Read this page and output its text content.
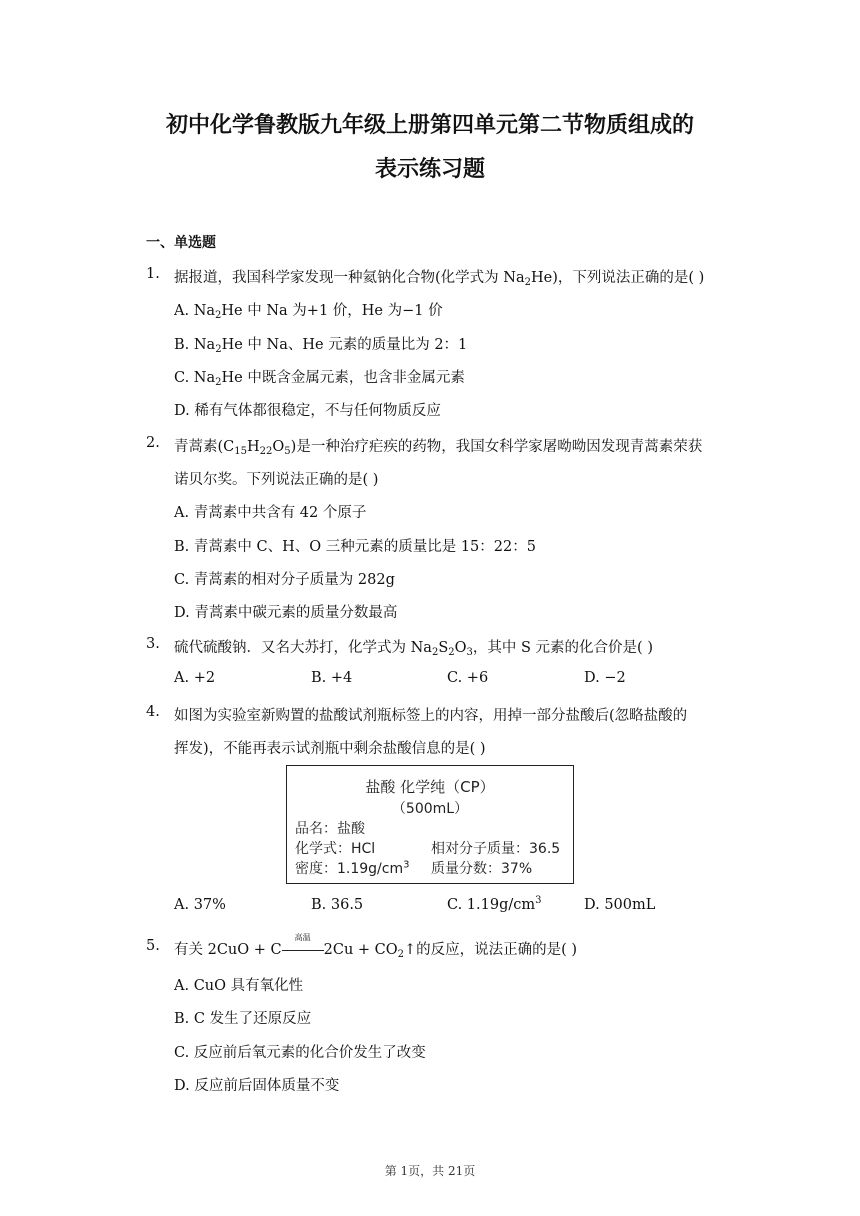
初中化学鲁教版九年级上册第四单元第二节物质组成的
表示练习题
一、单选题
1. 据报道，我国科学家发现一种氦钠化合物(化学式为 $Na_2He$)，下列说法正确的是( )
A. $Na_2He$ 中 Na 为+1 价，He 为−1 价
B. $Na_2He$ 中 Na、He 元素的质量比为 2：1
C. $Na_2He$ 中既含金属元素，也含非金属元素
D. 稀有气体都很稳定，不与任何物质反应
2. 青蒿素$(C_{15}H_{22}O_5)$是一种治疗疟疾的药物，我国女科学家屠呦呦因发现青蒿素荣获
诺贝尔奖。下列说法正确的是( )
A. 青蒿素中共含有 42 个原子
B. 青蒿素中 C、H、O 三种元素的质量比是 15：22：5
C. 青蒿素的相对分子质量为 282g
D. 青蒿素中碳元素的质量分数最高
3. 硫代硫酸钠．又名大苏打，化学式为 $Na_2S_2O_3$，其中 S 元素的化合价是( )
A. +2	B. +4	C. +6	D. −2
4. 如图为实验室新购置的盐酸试剂瓶标签上的内容，用掉一部分盐酸后(忽略盐酸的
挥发)，不能再表示试剂瓶中剩余盐酸信息的是( )
盐酸 化学纯（CP）
（500mL）
品名：盐酸
化学式：HCl	相对分子质量：36.5
密度：$1.19g/cm^3$ 质量分数：37%
A. 37%	B. 36.5	C. $1.19g/cm^3$	D. 500mL
5. 有关 2CuO + C
高温
$2Cu + CO_2↑$的反应，说法正确的是( )
A. CuO 具有氧化性
B. C 发生了还原反应
C. 反应前后氧元素的化合价发生了改变
D. 反应前后固体质量不变
第 1页，共 21页
